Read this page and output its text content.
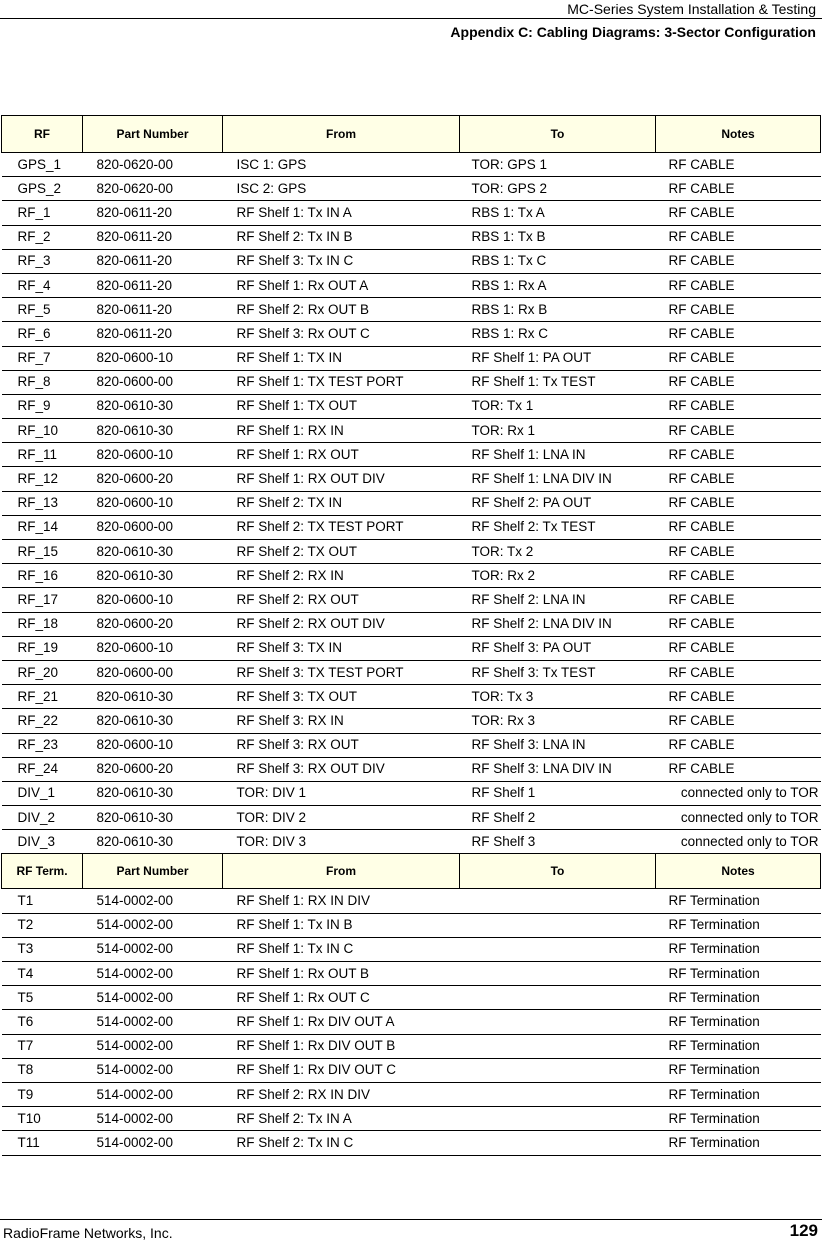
MC-Series System Installation & Testing
Appendix C: Cabling Diagrams: 3-Sector Configuration
RF	Part Number	From	To	Notes
GPS_1	820-0620-00	ISC 1: GPS	TOR: GPS 1	RF CABLE
GPS_2	820-0620-00	ISC 2: GPS	TOR: GPS 2	RF CABLE
RF_1	820-0611-20	RF Shelf 1: Tx IN A	RBS 1: Tx A	RF CABLE
RF_2	820-0611-20	RF Shelf 2: Tx IN B	RBS 1: Tx B	RF CABLE
RF_3	820-0611-20	RF Shelf 3: Tx IN C	RBS 1: Tx C	RF CABLE
RF_4	820-0611-20	RF Shelf 1: Rx OUT A	RBS 1: Rx A	RF CABLE
RF_5	820-0611-20	RF Shelf 2: Rx OUT B	RBS 1: Rx B	RF CABLE
RF_6	820-0611-20	RF Shelf 3: Rx OUT C	RBS 1: Rx C	RF CABLE
RF_7	820-0600-10	RF Shelf 1: TX IN	RF Shelf 1: PA OUT	RF CABLE
RF_8	820-0600-00	RF Shelf 1: TX TEST PORT	RF Shelf 1: Tx TEST	RF CABLE
RF_9	820-0610-30	RF Shelf 1: TX OUT	TOR: Tx 1	RF CABLE
RF_10	820-0610-30	RF Shelf 1: RX IN	TOR: Rx 1	RF CABLE
RF_11	820-0600-10	RF Shelf 1: RX OUT	RF Shelf 1: LNA IN	RF CABLE
RF_12	820-0600-20	RF Shelf 1: RX OUT DIV	RF Shelf 1: LNA DIV IN	RF CABLE
RF_13	820-0600-10	RF Shelf 2: TX IN	RF Shelf 2: PA OUT	RF CABLE
RF_14	820-0600-00	RF Shelf 2: TX TEST PORT	RF Shelf 2: Tx TEST	RF CABLE
RF_15	820-0610-30	RF Shelf 2: TX OUT	TOR: Tx 2	RF CABLE
RF_16	820-0610-30	RF Shelf 2: RX IN	TOR: Rx 2	RF CABLE
RF_17	820-0600-10	RF Shelf 2: RX OUT	RF Shelf 2: LNA IN	RF CABLE
RF_18	820-0600-20	RF Shelf 2: RX OUT DIV	RF Shelf 2: LNA DIV IN	RF CABLE
RF_19	820-0600-10	RF Shelf 3: TX IN	RF Shelf 3: PA OUT	RF CABLE
RF_20	820-0600-00	RF Shelf 3: TX TEST PORT	RF Shelf 3: Tx TEST	RF CABLE
RF_21	820-0610-30	RF Shelf 3: TX OUT	TOR: Tx 3	RF CABLE
RF_22	820-0610-30	RF Shelf 3: RX IN	TOR: Rx 3	RF CABLE
RF_23	820-0600-10	RF Shelf 3: RX OUT	RF Shelf 3: LNA IN	RF CABLE
RF_24	820-0600-20	RF Shelf 3: RX OUT DIV	RF Shelf 3: LNA DIV IN	RF CABLE
DIV_1	820-0610-30	TOR: DIV 1	RF Shelf 1	connected only to TOR
DIV_2	820-0610-30	TOR: DIV 2	RF Shelf 2	connected only to TOR
DIV_3	820-0610-30	TOR: DIV 3	RF Shelf 3	connected only to TOR
RF Term.	Part Number	From	To	Notes
T1	514-0002-00	RF Shelf 1: RX IN DIV		RF Termination
T2	514-0002-00	RF Shelf 1: Tx IN B		RF Termination
T3	514-0002-00	RF Shelf 1: Tx IN C		RF Termination
T4	514-0002-00	RF Shelf 1: Rx OUT B		RF Termination
T5	514-0002-00	RF Shelf 1: Rx OUT C		RF Termination
T6	514-0002-00	RF Shelf 1: Rx DIV OUT A		RF Termination
T7	514-0002-00	RF Shelf 1: Rx DIV OUT B		RF Termination
T8	514-0002-00	RF Shelf 1: Rx DIV OUT C		RF Termination
T9	514-0002-00	RF Shelf 2: RX IN DIV		RF Termination
T10	514-0002-00	RF Shelf 2: Tx IN A		RF Termination
T11	514-0002-00	RF Shelf 2: Tx IN C		RF Termination
RadioFrame Networks, Inc.	129
